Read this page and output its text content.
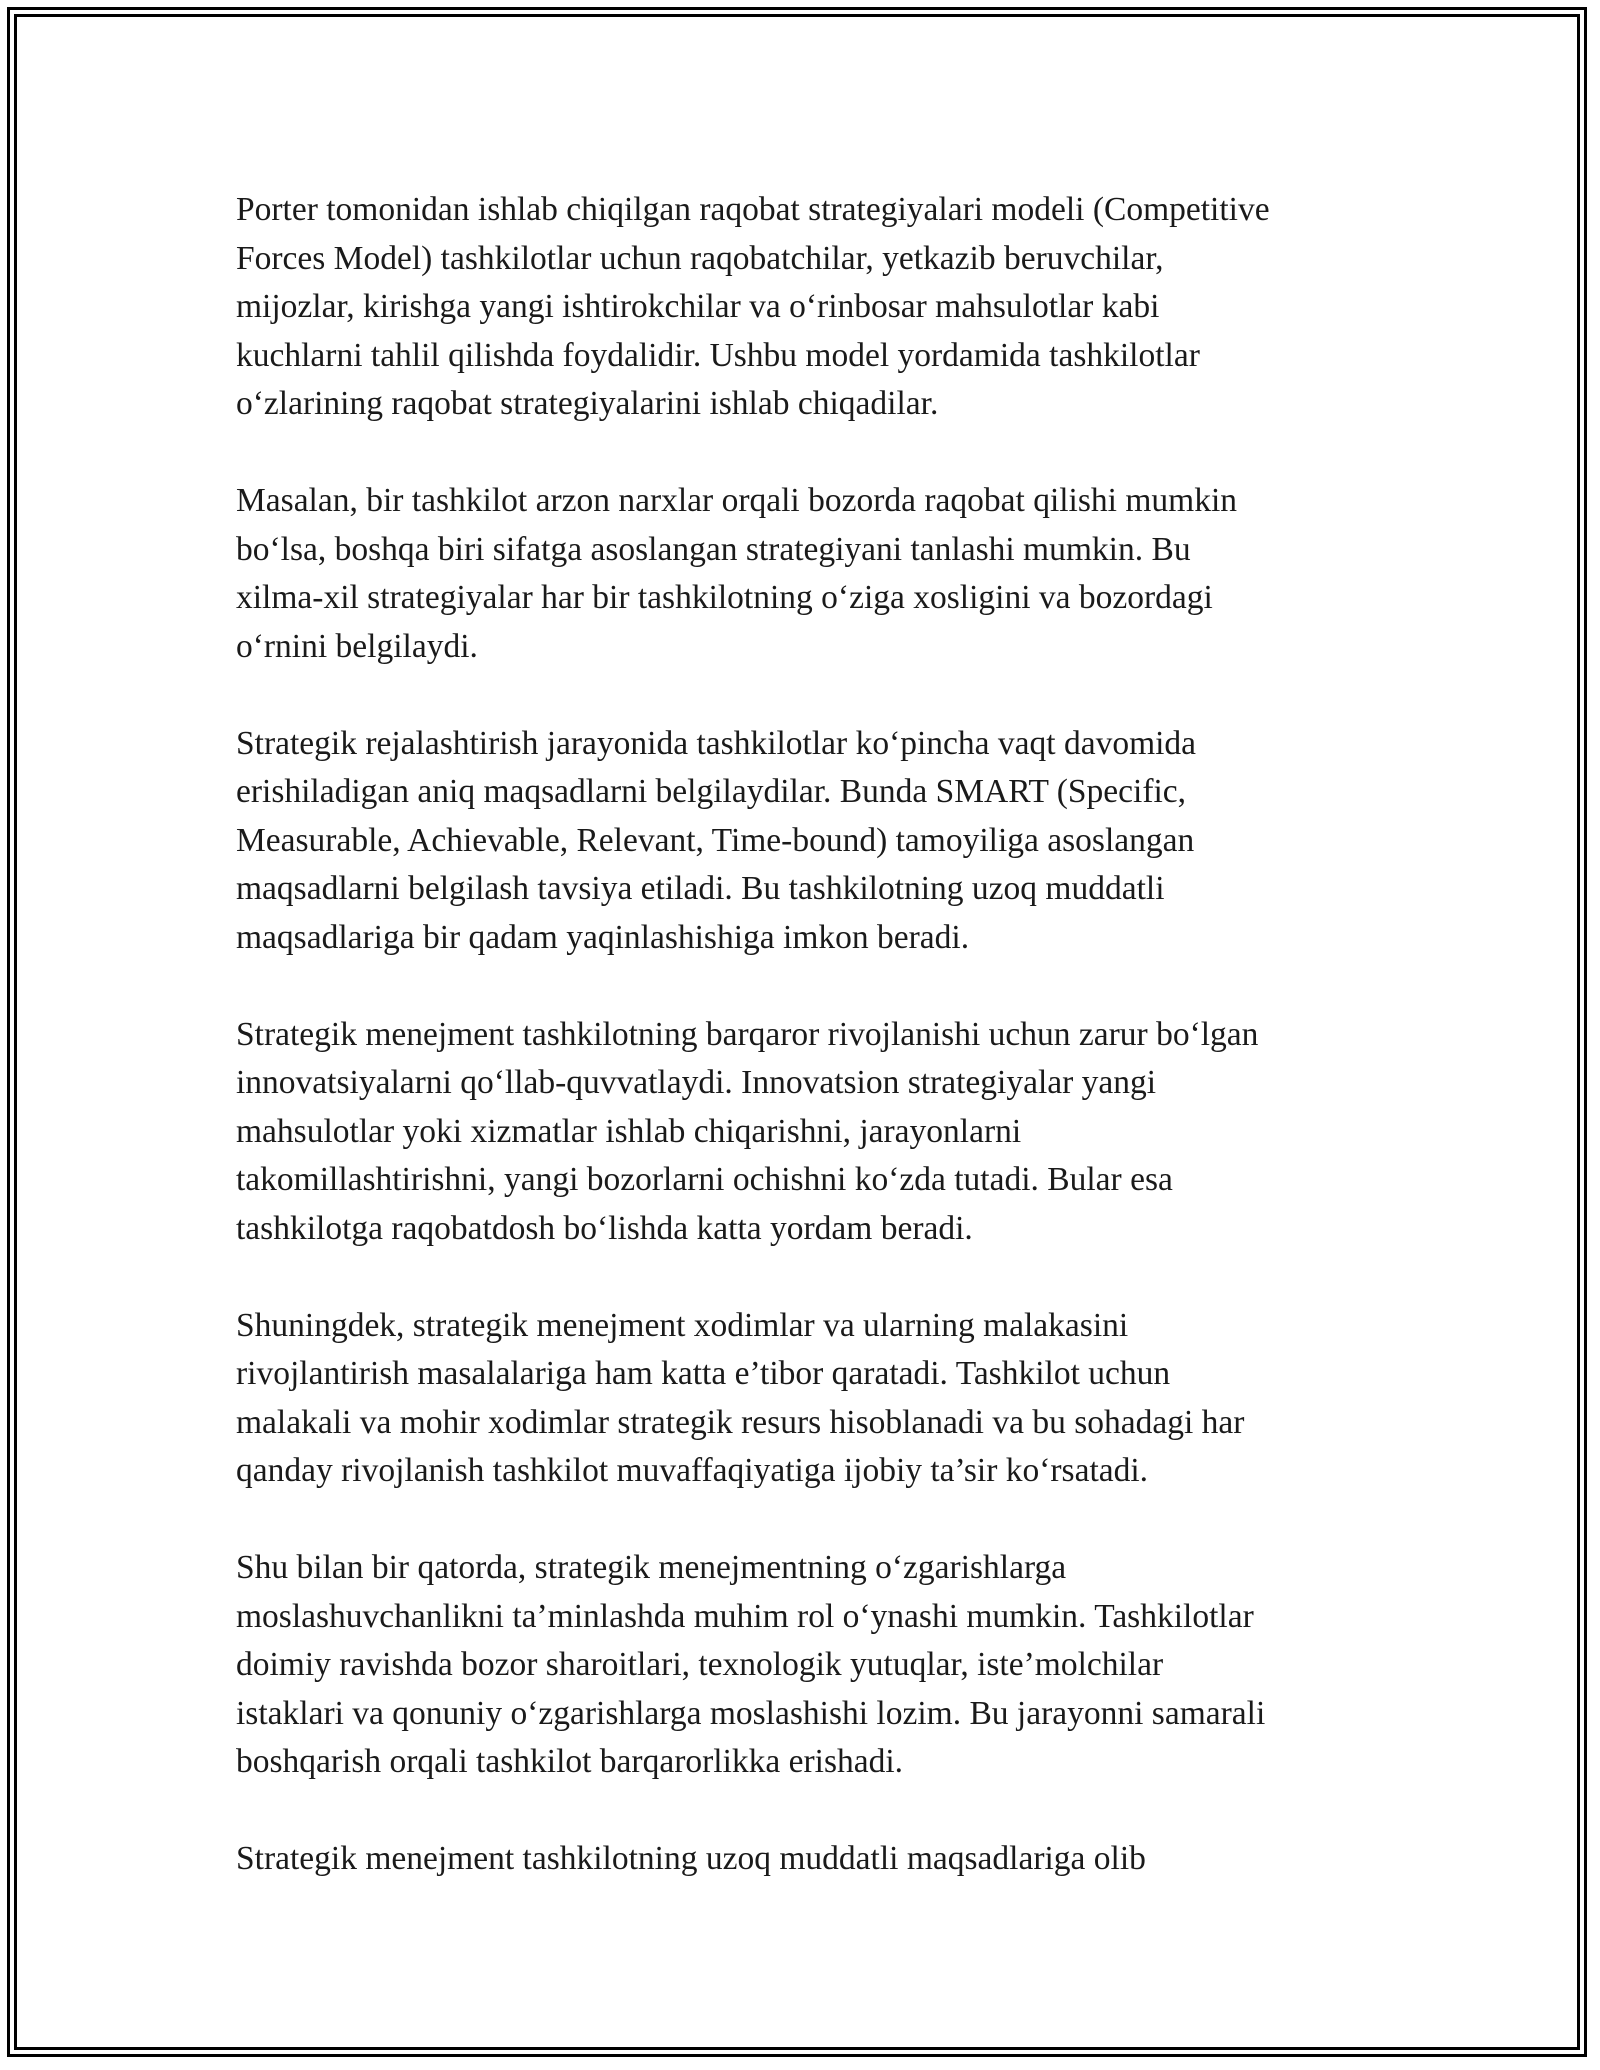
Porter tomonidan ishlab chiqilgan raqobat strategiyalari modeli (Competitive
Forces Model) tashkilotlar uchun raqobatchilar, yetkazib beruvchilar,
mijozlar, kirishga yangi ishtirokchilar va o‘rinbosar mahsulotlar kabi
kuchlarni tahlil qilishda foydalidir. Ushbu model yordamida tashkilotlar
o‘zlarining raqobat strategiyalarini ishlab chiqadilar.

Masalan, bir tashkilot arzon narxlar orqali bozorda raqobat qilishi mumkin
bo‘lsa, boshqa biri sifatga asoslangan strategiyani tanlashi mumkin. Bu
xilma-xil strategiyalar har bir tashkilotning o‘ziga xosligini va bozordagi
o‘rnini belgilaydi.

Strategik rejalashtirish jarayonida tashkilotlar ko‘pincha vaqt davomida
erishiladigan aniq maqsadlarni belgilaydilar. Bunda SMART (Specific,
Measurable, Achievable, Relevant, Time-bound) tamoyiliga asoslangan
maqsadlarni belgilash tavsiya etiladi. Bu tashkilotning uzoq muddatli
maqsadlariga bir qadam yaqinlashishiga imkon beradi.

Strategik menejment tashkilotning barqaror rivojlanishi uchun zarur bo‘lgan
innovatsiyalarni qo‘llab-quvvatlaydi. Innovatsion strategiyalar yangi
mahsulotlar yoki xizmatlar ishlab chiqarishni, jarayonlarni
takomillashtirishni, yangi bozorlarni ochishni ko‘zda tutadi. Bular esa
tashkilotga raqobatdosh bo‘lishda katta yordam beradi.

Shuningdek, strategik menejment xodimlar va ularning malakasini
rivojlantirish masalalariga ham katta e’tibor qaratadi. Tashkilot uchun
malakali va mohir xodimlar strategik resurs hisoblanadi va bu sohadagi har
qanday rivojlanish tashkilot muvaffaqiyatiga ijobiy ta’sir ko‘rsatadi.

Shu bilan bir qatorda, strategik menejmentning o‘zgarishlarga
moslashuvchanlikni ta’minlashda muhim rol o‘ynashi mumkin. Tashkilotlar
doimiy ravishda bozor sharoitlari, texnologik yutuqlar, iste’molchilar
istaklari va qonuniy o‘zgarishlarga moslashishi lozim. Bu jarayonni samarali
boshqarish orqali tashkilot barqarorlikka erishadi.

Strategik menejment tashkilotning uzoq muddatli maqsadlariga olib
